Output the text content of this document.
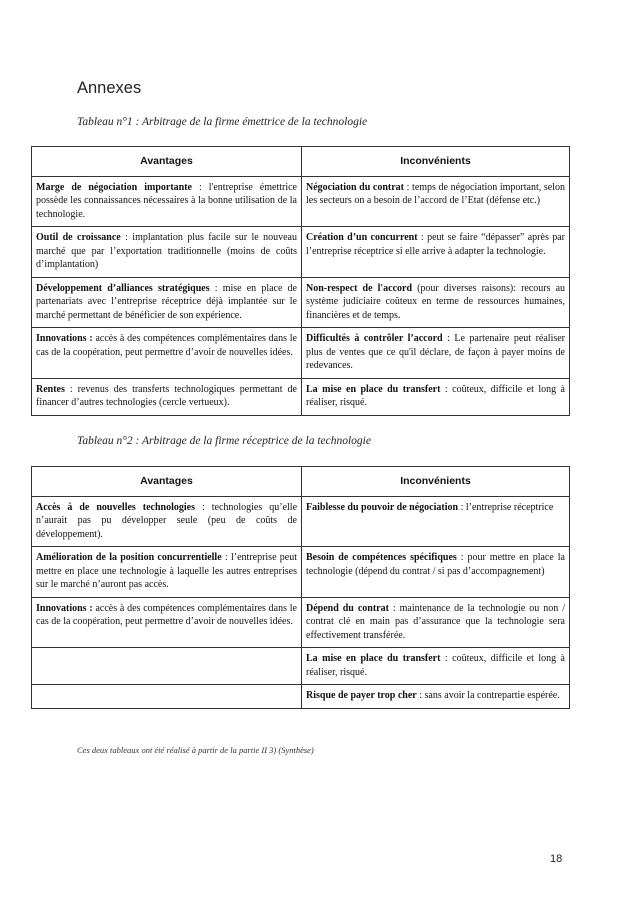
Annexes
Tableau n°1 : Arbitrage de la firme émettrice de la technologie
Avantages	Inconvénients
Marge de négociation importante : l'entreprise émettrice possède les connaissances nécessaires à la bonne utilisation de la technologie.	Négociation du contrat : temps de négociation important, selon les secteurs on a besoin de l’accord de l’Etat (défense etc.)
Outil de croissance : implantation plus facile sur le nouveau marché que par l’exportation traditionnelle (moins de coûts d’implantation)	Création d’un concurrent : peut se faire “dépasser” après par l’entreprise réceptrice si elle arrive à adapter la technologie.
Développement d’alliances stratégiques : mise en place de partenariats avec l’entreprise réceptrice déjà implantée sur le marché permettant de bénéficier de son expérience.	Non-respect de l'accord (pour diverses raisons): recours au système judiciaire coûteux en terme de ressources humaines, financières et de temps.
Innovations : accès à des compétences complémentaires dans le cas de la coopération, peut permettre d’avoir de nouvelles idées.	Difficultés à contrôler l’accord : Le partenaire peut réaliser plus de ventes que ce qu'il déclare, de façon à payer moins de redevances.
Rentes : revenus des transferts technologiques permettant de financer d’autres technologies (cercle vertueux).	La mise en place du transfert : coûteux, difficile et long à réaliser, risqué.
Tableau n°2 : Arbitrage de la firme réceptrice de la technologie
Avantages	Inconvénients
Accès à de nouvelles technologies : technologies qu’elle n’aurait pas pu développer seule (peu de coûts de développement).	Faiblesse du pouvoir de négociation : l’entreprise réceptrice
Amélioration de la position concurrentielle : l’entreprise peut mettre en place une technologie à laquelle les autres entreprises sur le marché n’auront pas accès.	Besoin de compétences spécifiques : pour mettre en place la technologie (dépend du contrat / si pas d’accompagnement)
Innovations : accès à des compétences complémentaires dans le cas de la coopération, peut permettre d’avoir de nouvelles idées.	Dépend du contrat : maintenance de la technologie ou non / contrat clé en main pas d’assurance que la technologie sera effectivement transférée.
	La mise en place du transfert : coûteux, difficile et long à réaliser, risqué.
	Risque de payer trop cher : sans avoir la contrepartie espérée.
Ces deux tableaux ont été réalisé à partir de la partie II 3) (Synthèse)
18
